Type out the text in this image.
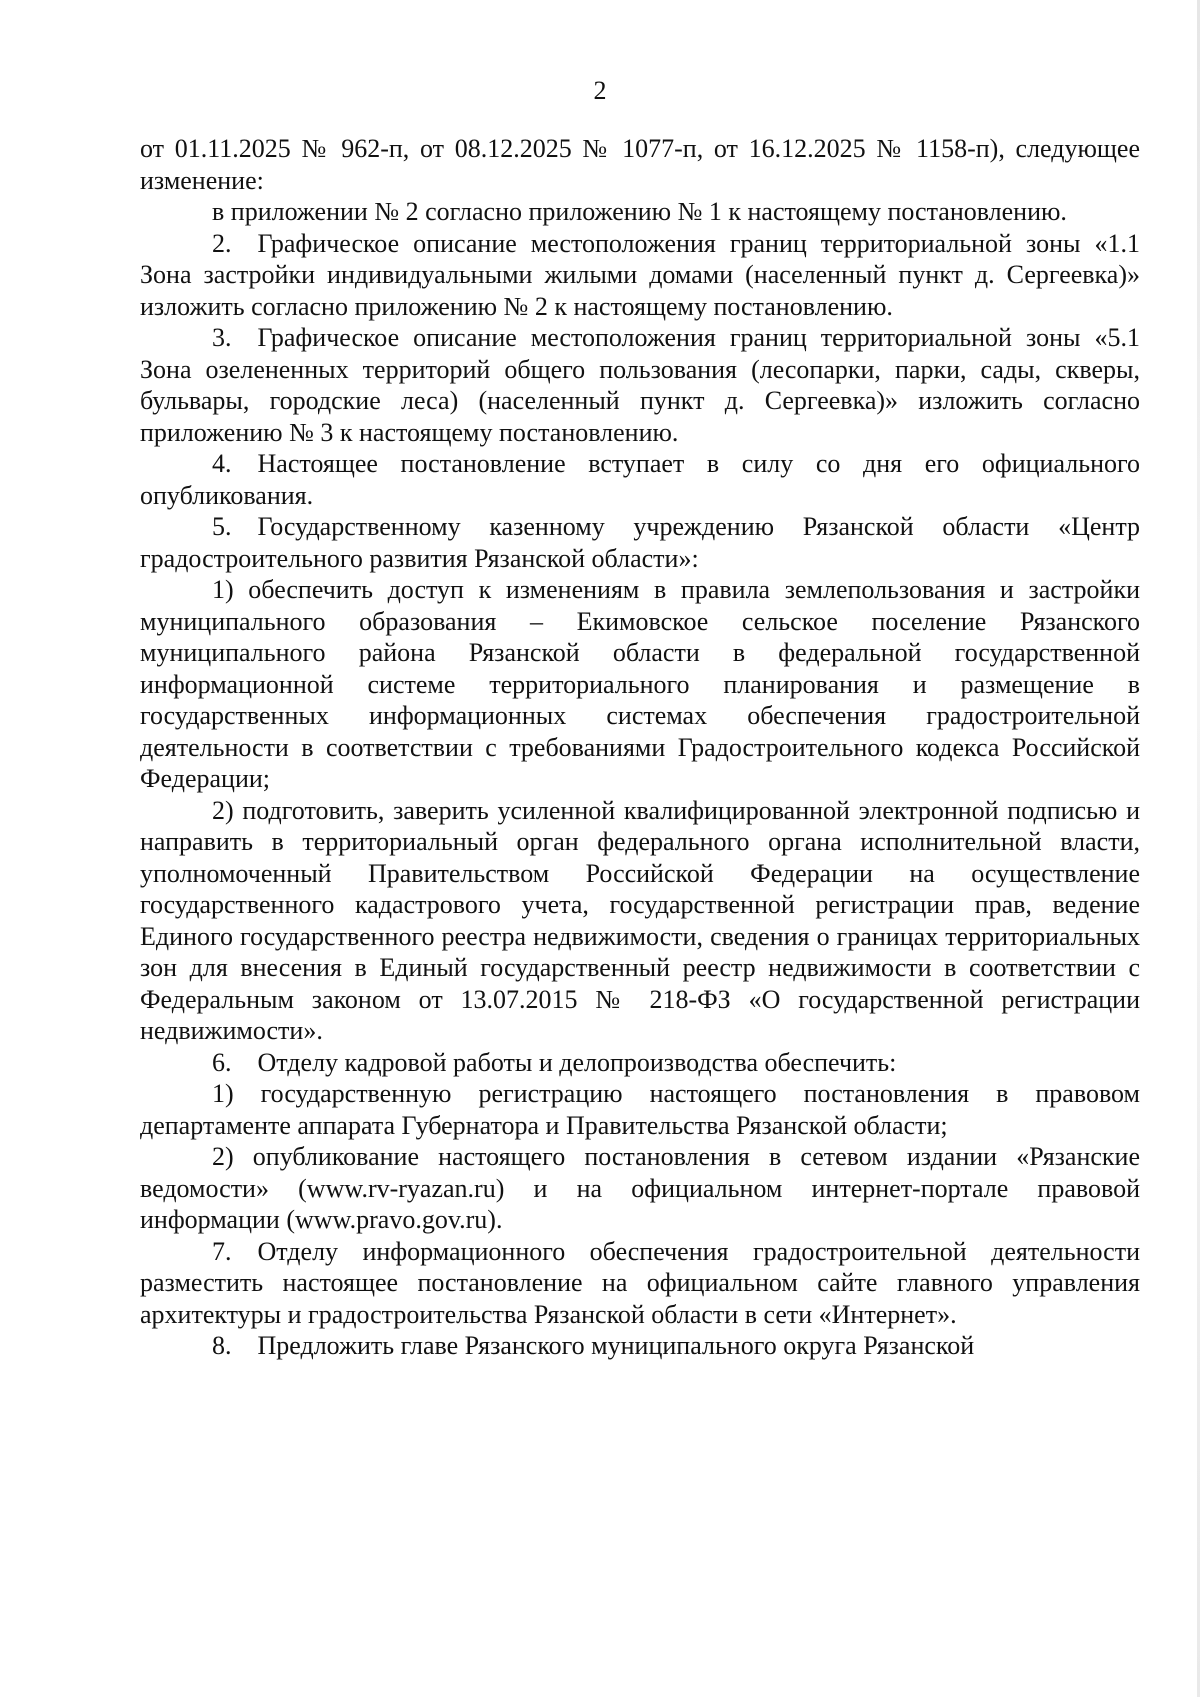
2

от 01.11.2025 № 962-п, от 08.12.2025 № 1077-п, от 16.12.2025 № 1158-п), следующее изменение:

в приложении № 2 согласно приложению № 1 к настоящему постановлению.

2. Графическое описание местоположения границ территориальной зоны «1.1 Зона застройки индивидуальными жилыми домами (населенный пункт д. Сергеевка)» изложить согласно приложению № 2 к настоящему постановлению.

3. Графическое описание местоположения границ территориальной зоны «5.1 Зона озелененных территорий общего пользования (лесопарки, парки, сады, скверы, бульвары, городские леса) (населенный пункт д. Сергеевка)» изложить согласно приложению № 3 к настоящему постановлению.

4. Настоящее постановление вступает в силу со дня его официального опубликования.

5. Государственному казенному учреждению Рязанской области «Центр градостроительного развития Рязанской области»:

1) обеспечить доступ к изменениям в правила землепользования и застройки муниципального образования – Екимовское сельское поселение Рязанского муниципального района Рязанской области в федеральной государственной информационной системе территориального планирования и размещение в государственных информационных системах обеспечения градостроительной деятельности в соответствии с требованиями Градостроительного кодекса Российской Федерации;

2) подготовить, заверить усиленной квалифицированной электронной подписью и направить в территориальный орган федерального органа исполнительной власти, уполномоченный Правительством Российской Федерации на осуществление государственного кадастрового учета, государственной регистрации прав, ведение Единого государственного реестра недвижимости, сведения о границах территориальных зон для внесения в Единый государственный реестр недвижимости в соответствии с Федеральным законом от 13.07.2015 № 218-ФЗ «О государственной регистрации недвижимости».

6. Отделу кадровой работы и делопроизводства обеспечить:

1) государственную регистрацию настоящего постановления в правовом департаменте аппарата Губернатора и Правительства Рязанской области;

2) опубликование настоящего постановления в сетевом издании «Рязанские ведомости» (www.rv-ryazan.ru) и на официальном интернет-портале правовой информации (www.pravo.gov.ru).

7. Отделу информационного обеспечения градостроительной деятельности разместить настоящее постановление на официальном сайте главного управления архитектуры и градостроительства Рязанской области в сети «Интернет».

8. Предложить главе Рязанского муниципального округа Рязанской
